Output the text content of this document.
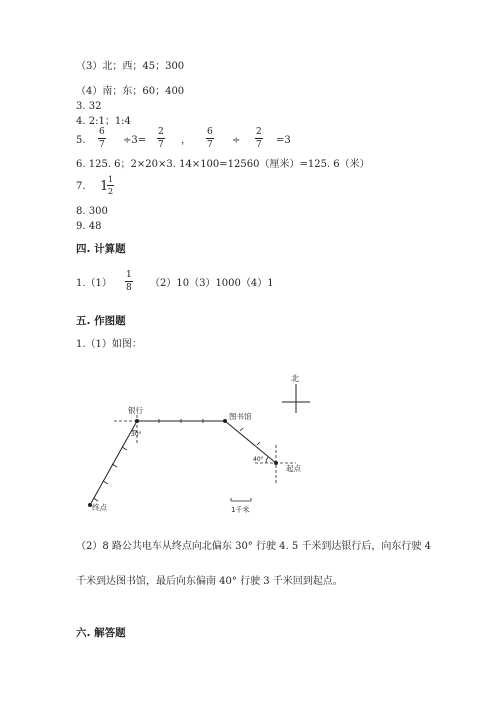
（3）北；西；45；300
（4）南；东；60；400
3. 32
4. 2:1；1:4
5.
6
7 ÷3=
2
7 ，
6
7 ÷
2
7 =3
6. 125. 6；2×20×3. 14×100=12560（厘米）=125. 6（米）
7. 1 1
2
8. 300
9. 48
四. 计算题
1.（1）
1
8 （2）10（3）1000（4）1
五. 作图题
1.（1）如图：
北
银行
图书馆
起点
终点
30°
40°
1千米
（2）8 路公共电车从终点向北偏东 30° 行驶 4. 5 千米到达银行后，向东行驶 4
千米到达图书馆，最后向东偏南 40° 行驶 3 千米回到起点。
六. 解答题
